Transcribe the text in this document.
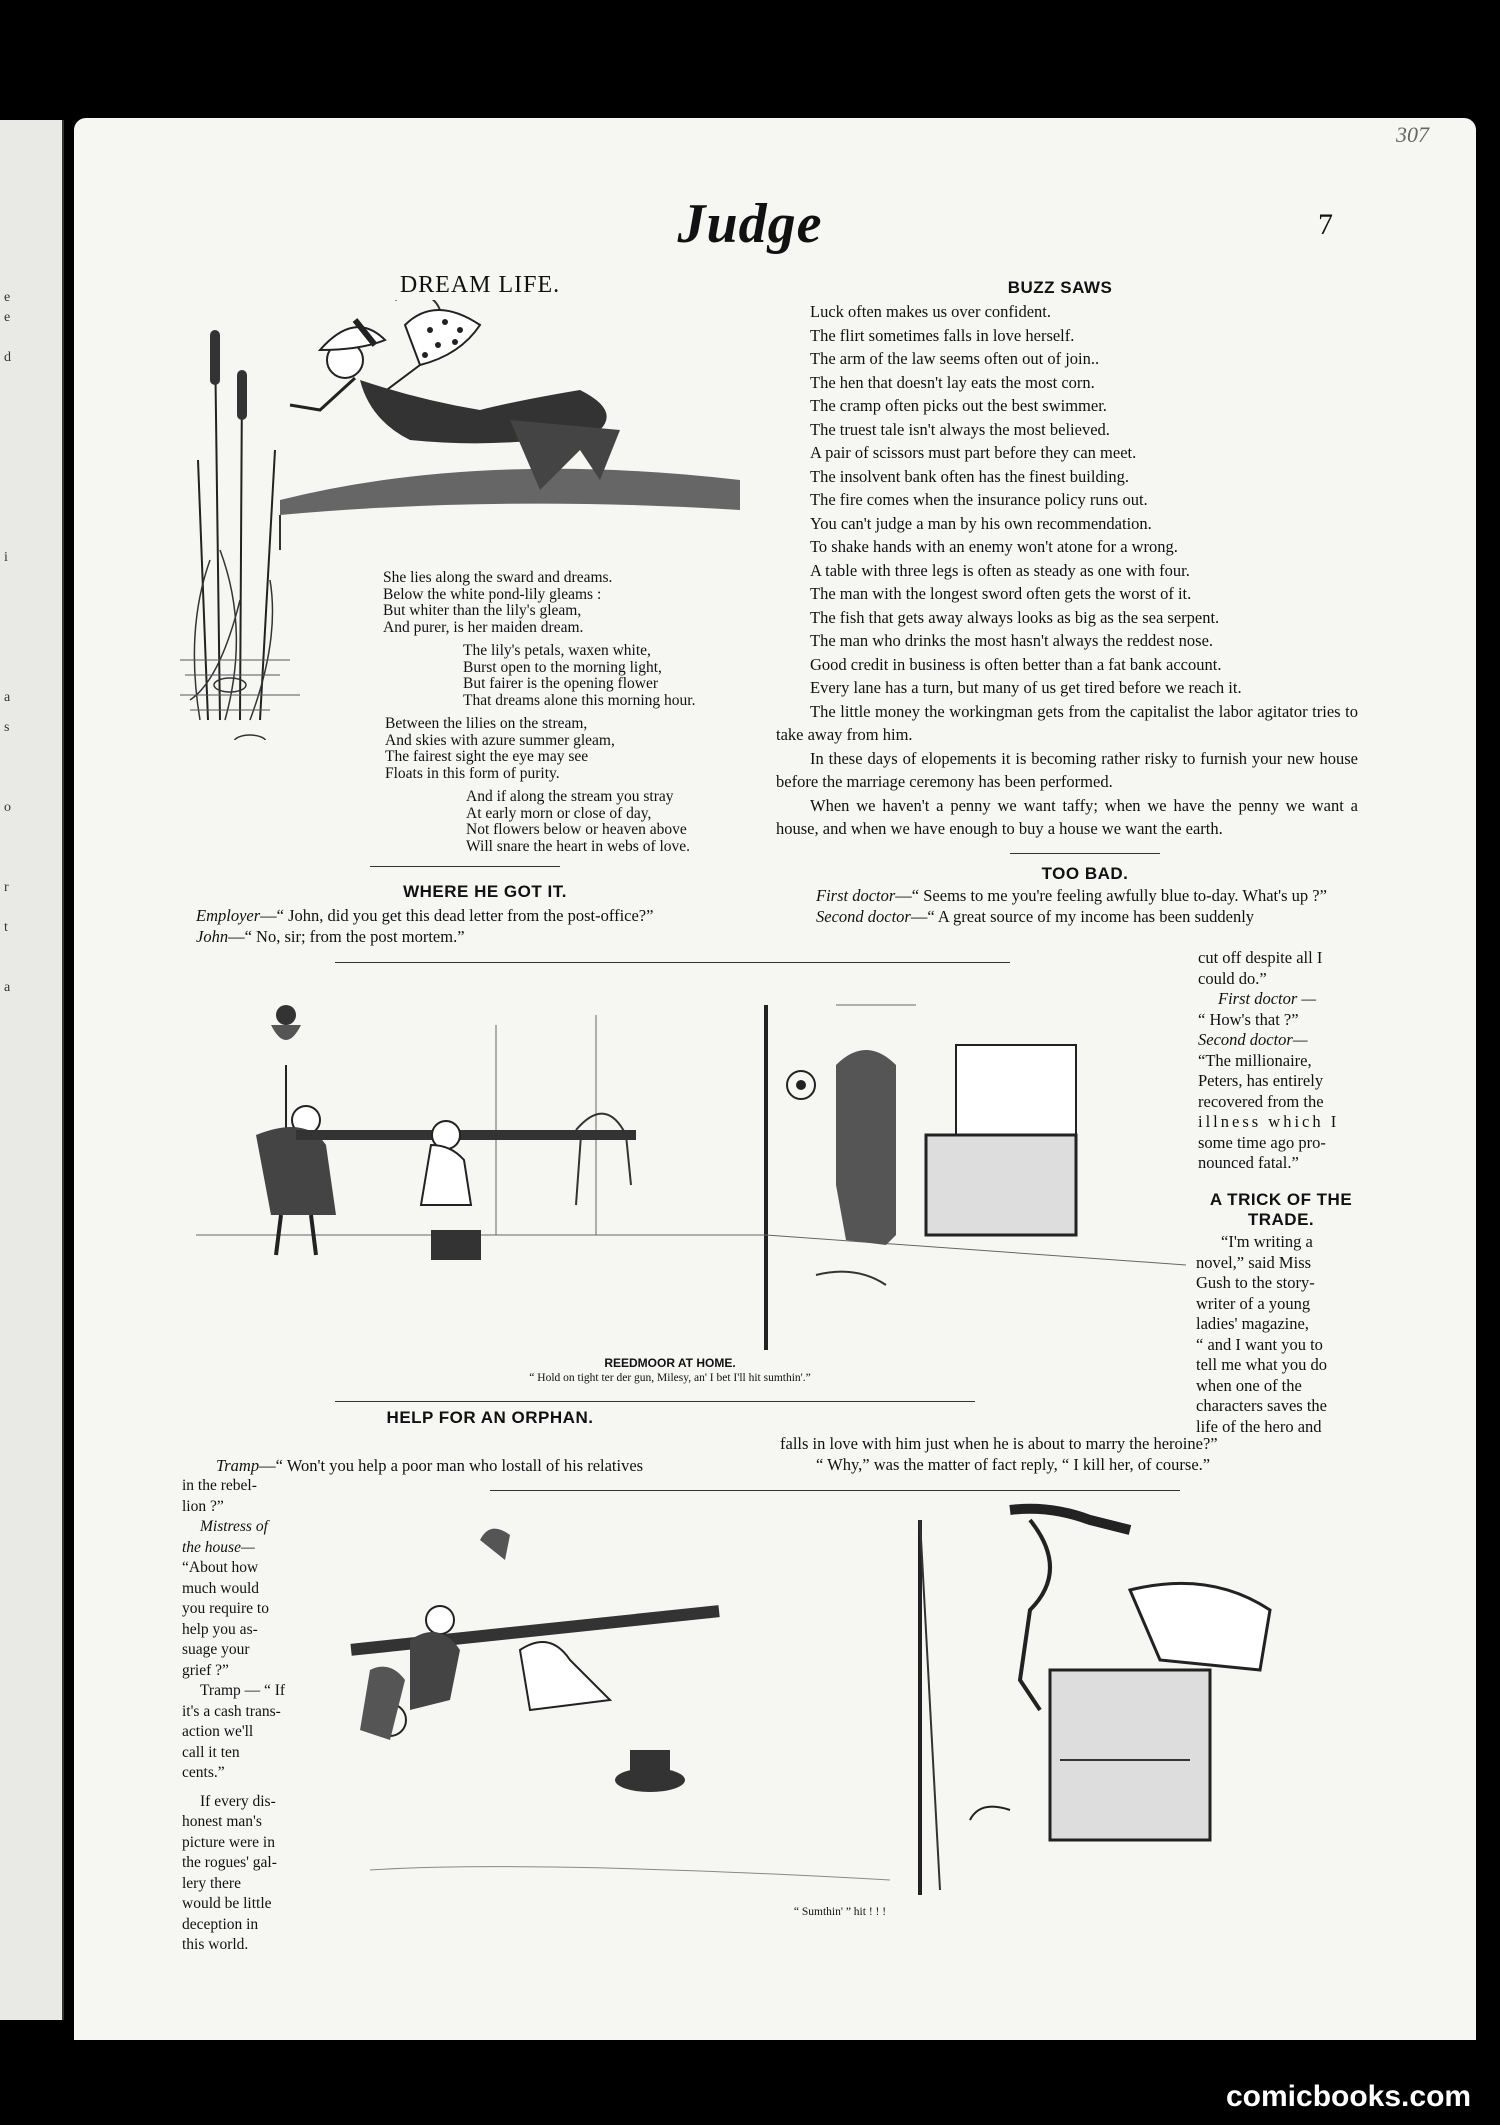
e
e
d
i
a
s
o
r
t
a
307
Judge	7
DREAM LIFE.
She lies along the sward and dreams.
Below the white pond-lily gleams :
But whiter than the lily's gleam,
And purer, is her maiden dream.
The lily's petals, waxen white,
Burst open to the morning light,
But fairer is the opening flower
That dreams alone this morning hour.
Between the lilies on the stream,
And skies with azure summer gleam,
The fairest sight the eye may see
Floats in this form of purity.
And if along the stream you stray
At early morn or close of day,
Not flowers below or heaven above
Will snare the heart in webs of love.
BUZZ SAWS
Luck often makes us over confident.
The flirt sometimes falls in love herself.
The arm of the law seems often out of join..
The hen that doesn't lay eats the most corn.
The cramp often picks out the best swimmer.
The truest tale isn't always the most believed.
A pair of scissors must part before they can meet.
The insolvent bank often has the finest building.
The fire comes when the insurance policy runs out.
You can't judge a man by his own recommendation.
To shake hands with an enemy won't atone for a wrong.
A table with three legs is often as steady as one with four.
The man with the longest sword often gets the worst of it.
The fish that gets away always looks as big as the sea serpent.
The man who drinks the most hasn't always the reddest nose.
Good credit in business is often better than a fat bank account.
Every lane has a turn, but many of us get tired before we reach it.
The little money the workingman gets from the capitalist the labor agitator tries to take away from him.
In these days of elopements it is becoming rather risky to furnish your new house before the marriage ceremony has been performed.
When we haven't a penny we want taffy; when we have the penny we want a house, and when we have enough to buy a house we want the earth.
WHERE HE GOT IT.
Employer—“ John, did you get this dead letter from the post-office?”
John—“ No, sir; from the post mortem.”
TOO BAD.
First doctor—“ Seems to me you're feeling awfully blue to-day. What's up ?”
Second doctor—“ A great source of my income has been suddenly
cut off despite all I
could do.”
First doctor —
“ How's that ?”
Second doctor—
“The millionaire,
Peters, has entirely
recovered from the
illness which I
some time ago pro-
nounced fatal.”
A TRICK OF THE
TRADE.
“I'm writing a
novel,” said Miss
Gush to the story-
writer of a young
ladies' magazine,
“ and I want you to
tell me what you do
when one of the
characters saves the
life of the hero and
falls in love with him just when he is about to marry the heroine?”
“ Why,” was the matter of fact reply, “ I kill her, of course.”
REEDMOOR AT HOME.
“ Hold on tight ter der gun, Milesy, an' I bet I'll hit sumthin'.”
HELP FOR AN ORPHAN.
Tramp—“ Won't you help a poor man who lostall of his relatives
in the rebel-
lion ?”
Mistress of
the house—
“About how
much would
you require to
help you as-
suage your
grief ?”
Tramp — “ If
it's a cash trans-
action we'll
call it ten
cents.”
If every dis-
honest man's
picture were in
the rogues' gal-
lery there
would be little
deception in
this world.
“ Sumthin' ” hit ! ! !
comicbooks.com
